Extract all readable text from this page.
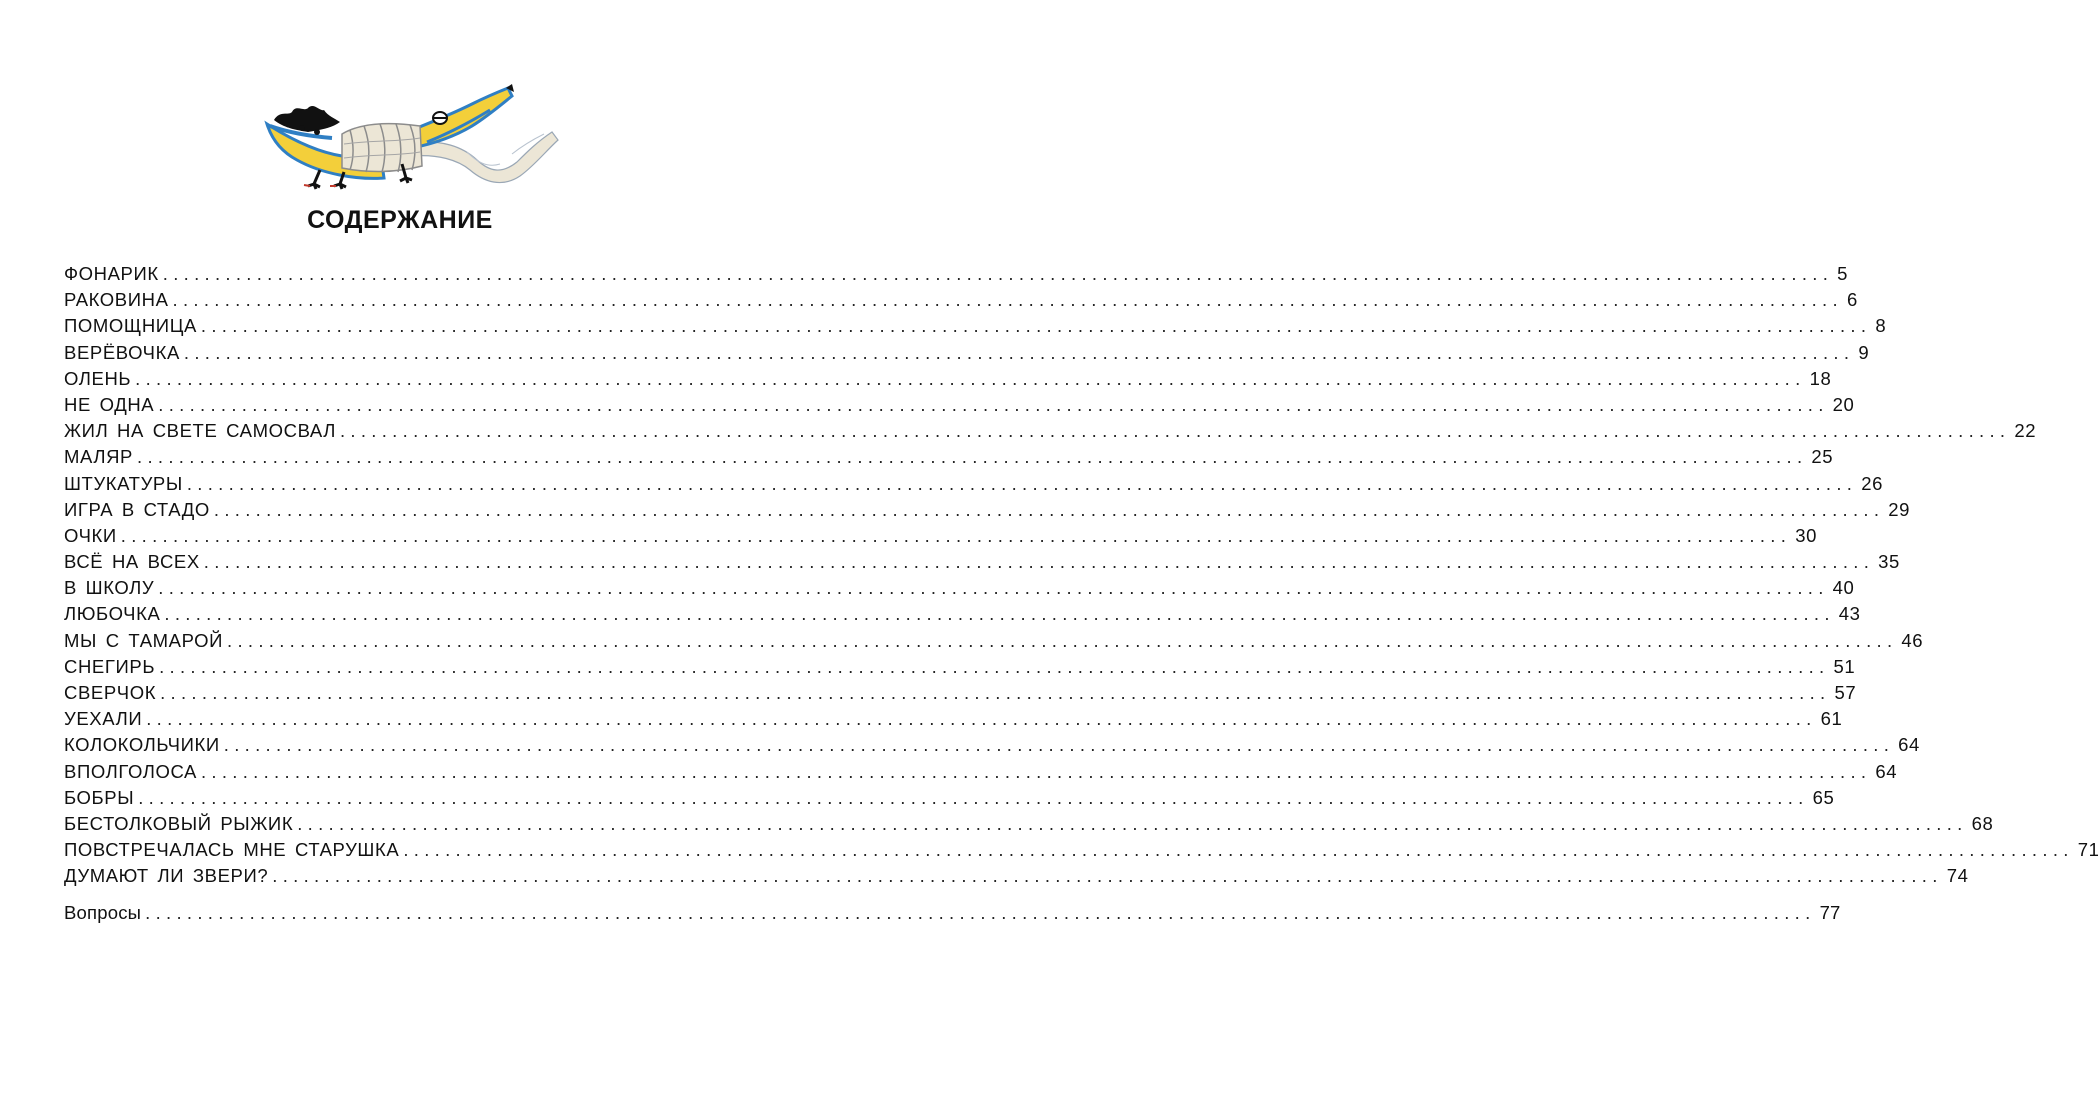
СОДЕРЖАНИЕ
ФОНАРИК ................................................................................................................................................................ 5
РАКОВИНА ................................................................................................................................................................ 6
ПОМОЩНИЦА ................................................................................................................................................................ 8
ВЕРЁВОЧКА ................................................................................................................................................................ 9
ОЛЕНЬ ................................................................................................................................................................ 18
НЕ ОДНА ................................................................................................................................................................ 20
ЖИЛ НА СВЕТЕ САМОСВАЛ ................................................................................................................................................................ 22
МАЛЯР ................................................................................................................................................................ 25
ШТУКАТУРЫ ................................................................................................................................................................ 26
ИГРА В СТАДО ................................................................................................................................................................ 29
ОЧКИ ................................................................................................................................................................ 30
ВСЁ НА ВСЕХ ................................................................................................................................................................ 35
В ШКОЛУ ................................................................................................................................................................ 40
ЛЮБОЧКА ................................................................................................................................................................ 43
МЫ С ТАМАРОЙ ................................................................................................................................................................ 46
СНЕГИРЬ ................................................................................................................................................................ 51
СВЕРЧОК ................................................................................................................................................................ 57
УЕХАЛИ ................................................................................................................................................................ 61
КОЛОКОЛЬЧИКИ ................................................................................................................................................................ 64
ВПОЛГОЛОСА ................................................................................................................................................................ 64
БОБРЫ ................................................................................................................................................................ 65
БЕСТОЛКОВЫЙ РЫЖИК ................................................................................................................................................................ 68
ПОВСТРЕЧАЛАСЬ МНЕ СТАРУШКА ................................................................................................................................................................ 71
ДУМАЮТ ЛИ ЗВЕРИ? ................................................................................................................................................................ 74
Вопросы ................................................................................................................................................................ 77
